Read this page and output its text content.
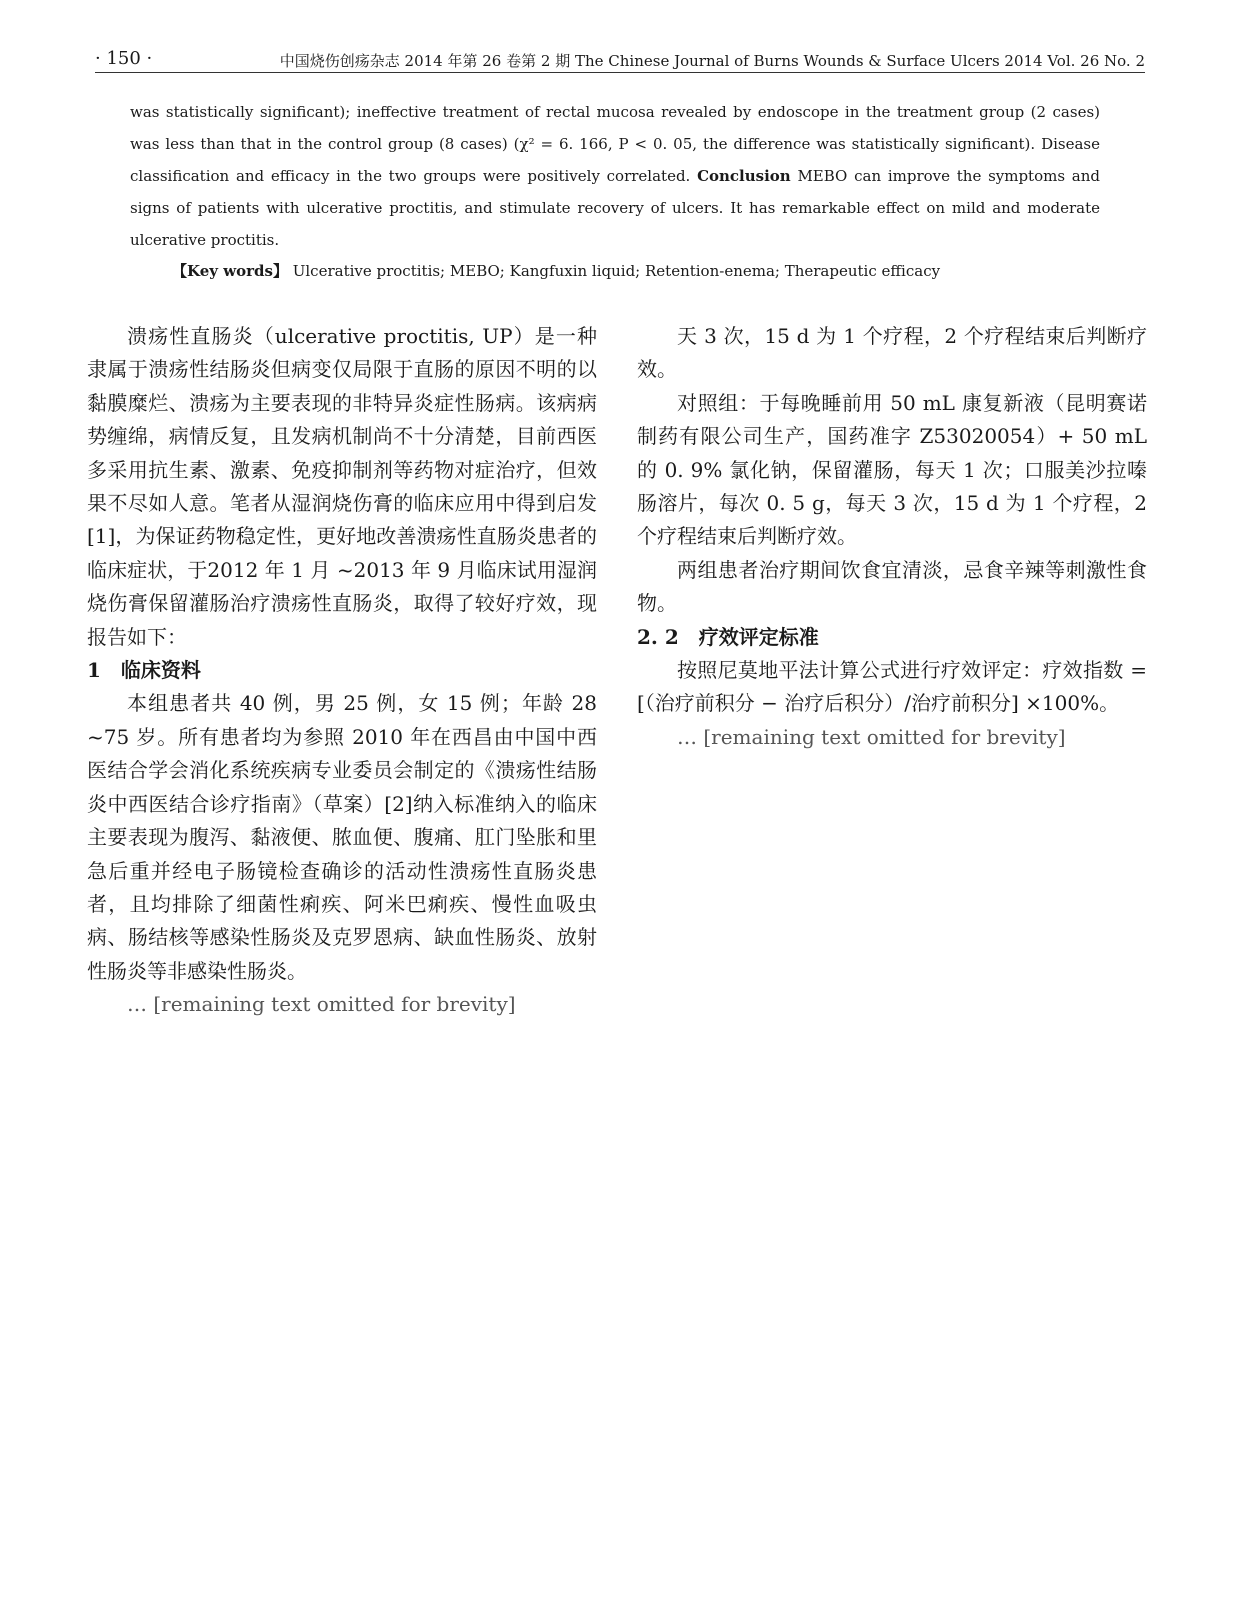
· 150 ·	中国烧伤创疡杂志 2014 年第 26 卷第 2 期 The Chinese Journal of Burns Wounds & Surface Ulcers 2014 Vol. 26 No. 2
was statistically significant); ineffective treatment of rectal mucosa revealed by endoscope in the treatment group (2 cases) was less than that in the control group (8 cases) (χ² = 6. 166, P < 0. 05, the difference was statistically significant). Disease classification and efficacy in the two groups were positively correlated. Conclusion MEBO can improve the symptoms and signs of patients with ulcerative proctitis, and stimulate recovery of ulcers. It has remarkable effect on mild and moderate ulcerative proctitis.
【Key words】 Ulcerative proctitis; MEBO; Kangfuxin liquid; Retention-enema; Therapeutic efficacy

溃疡性直肠炎（ulcerative proctitis, UP）是一种隶属于溃疡性结肠炎但病变仅局限于直肠的原因不明的以黏膜糜烂、溃疡为主要表现的非特异炎症性肠病。该病病势缠绵，病情反复，且发病机制尚不十分清楚，目前西医多采用抗生素、激素、免疫抑制剂等药物对症治疗，但效果不尽如人意。笔者从湿润烧伤膏的临床应用中得到启发[1]，为保证药物稳定性，更好地改善溃疡性直肠炎患者的临床症状，于2012 年 1 月 ~2013 年 9 月临床试用湿润烧伤膏保留灌肠治疗溃疡性直肠炎，取得了较好疗效，现报告如下：

1　临床资料

本组患者共 40 例，男 25 例，女 15 例；年龄 28 ~75 岁。所有患者均为参照 2010 年在西昌由中国中西医结合学会消化系统疾病专业委员会制定的《溃疡性结肠炎中西医结合诊疗指南》（草案）[2]纳入标准纳入的临床主要表现为腹泻、黏液便、脓血便、腹痛、肛门坠胀和里急后重并经电子肠镜检查确诊的活动性溃疡性直肠炎患者，且均排除了细菌性痢疾、阿米巴痢疾、慢性血吸虫病、肠结核等感染性肠炎及克罗恩病、缺血性肠炎、放射性肠炎等非感染性肠炎。

… [remaining text omitted for brevity]

天 3 次，15 d 为 1 个疗程，2 个疗程结束后判断疗效。

对照组：于每晚睡前用 50 mL 康复新液（昆明赛诺制药有限公司生产，国药准字 Z53020054）+ 50 mL 的 0. 9% 氯化钠，保留灌肠，每天 1 次；口服美沙拉嗪肠溶片，每次 0. 5 g，每天 3 次，15 d 为 1 个疗程，2 个疗程结束后判断疗效。

两组患者治疗期间饮食宜清淡，忌食辛辣等刺激性食物。

2. 2　疗效评定标准

按照尼莫地平法计算公式进行疗效评定：疗效指数 = [（治疗前积分 − 治疗后积分）/治疗前积分] ×100%。

… [remaining text omitted for brevity]
